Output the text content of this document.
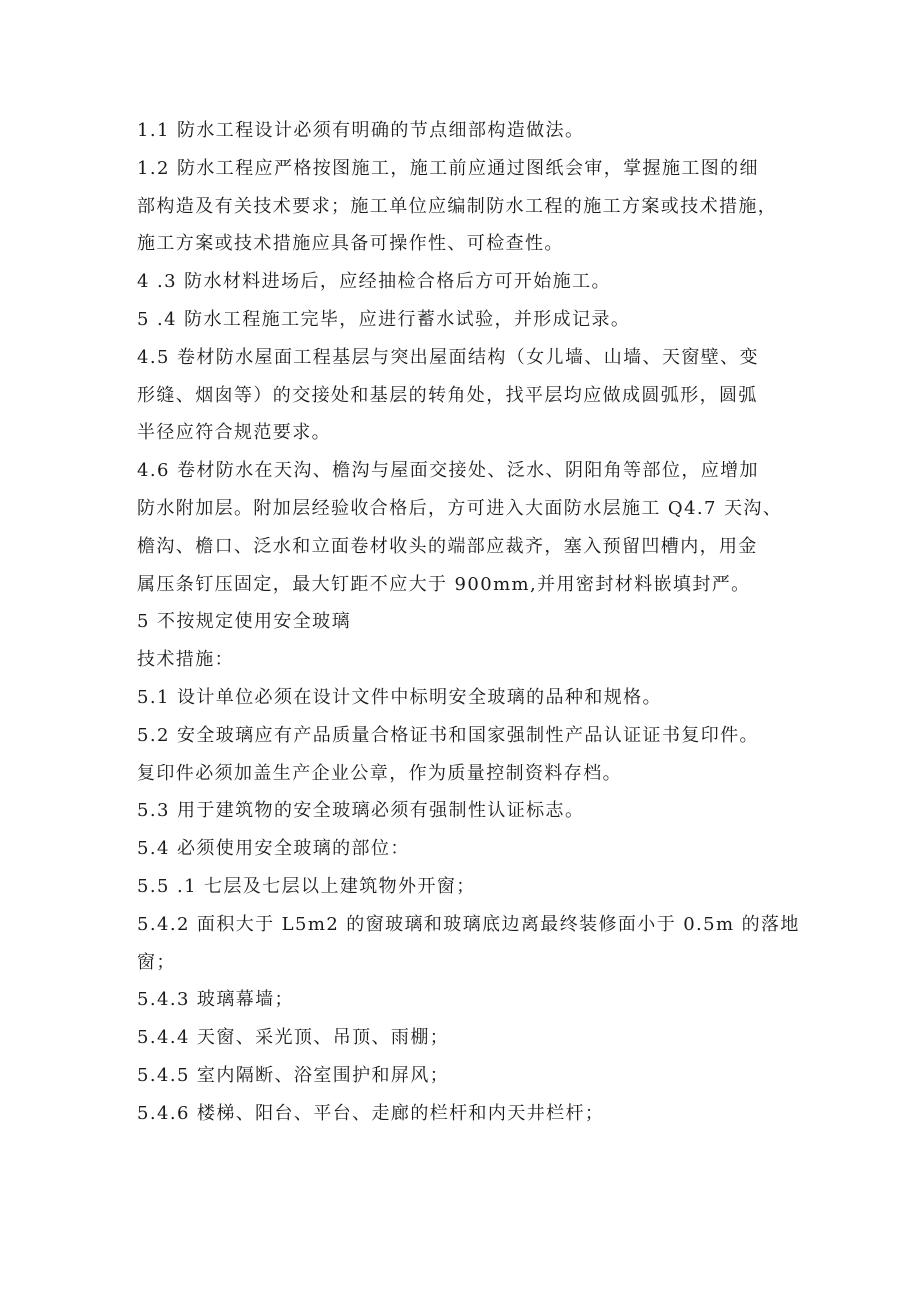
1.1 防水工程设计必须有明确的节点细部构造做法。
1.2 防水工程应严格按图施工，施工前应通过图纸会审，掌握施工图的细
部构造及有关技术要求；施工单位应编制防水工程的施工方案或技术措施，
施工方案或技术措施应具备可操作性、可检查性。
4 .3 防水材料进场后，应经抽检合格后方可开始施工。
5 .4 防水工程施工完毕，应进行蓄水试验，并形成记录。
4.5 卷材防水屋面工程基层与突出屋面结构（女儿墙、山墙、天窗壁、变
形缝、烟囱等）的交接处和基层的转角处，找平层均应做成圆弧形，圆弧
半径应符合规范要求。
4.6 卷材防水在天沟、檐沟与屋面交接处、泛水、阴阳角等部位，应增加
防水附加层。附加层经验收合格后，方可进入大面防水层施工 Q4.7 天沟、
檐沟、檐口、泛水和立面卷材收头的端部应裁齐，塞入预留凹槽内，用金
属压条钉压固定，最大钉距不应大于 900mm,并用密封材料嵌填封严。
5 不按规定使用安全玻璃
技术措施：
5.1 设计单位必须在设计文件中标明安全玻璃的品种和规格。
5.2 安全玻璃应有产品质量合格证书和国家强制性产品认证证书复印件。
复印件必须加盖生产企业公章，作为质量控制资料存档。
5.3 用于建筑物的安全玻璃必须有强制性认证标志。
5.4 必须使用安全玻璃的部位：
5.5 .1 七层及七层以上建筑物外开窗；
5.4.2 面积大于 L5m2 的窗玻璃和玻璃底边离最终装修面小于 0.5m 的落地
窗；
5.4.3 玻璃幕墙；
5.4.4 天窗、采光顶、吊顶、雨棚；
5.4.5 室内隔断、浴室围护和屏风；
5.4.6 楼梯、阳台、平台、走廊的栏杆和内天井栏杆；
